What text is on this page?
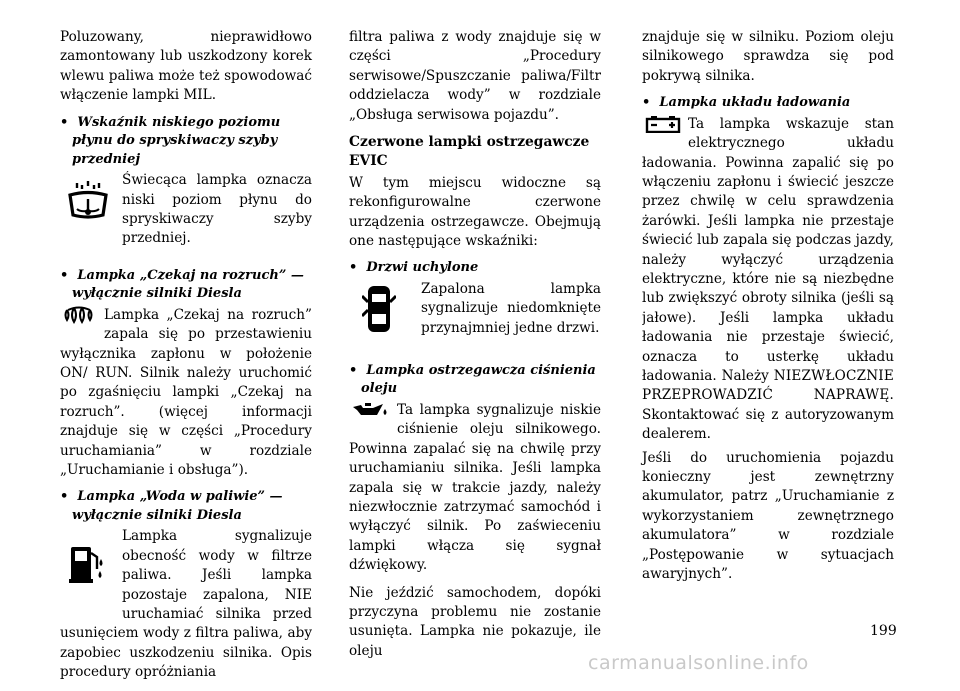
Poluzowany, nieprawidłowo zamontowany lub uszkodzony korek wlewu paliwa może też spowodować włączenie lampki MIL.

•  Wskaźnik niskiego poziomu płynu do spryskiwaczy szyby przedniej
Świecąca lampka oznacza niski poziom płynu do spryskiwaczy szyby przedniej.
•  Lampka „Czekaj na rozruch” — wyłącznie silniki Diesla
Lampka „Czekaj na rozruch” zapala się po przestawieniu wyłącznika zapłonu w położenie ON/ RUN. Silnik należy uruchomić po zgaśnięciu lampki „Czekaj na rozruch”. (więcej informacji znajduje się w części „Procedury uruchamiania” w rozdziale „Uruchamianie i obsługa”).
•  Lampka „Woda w paliwie” — wyłącznie silniki Diesla
Lampka sygnalizuje obecność wody w filtrze paliwa. Jeśli lampka pozostaje zapalona, NIE uruchamiać silnika przed usunięciem wody z filtra paliwa, aby zapobiec uszkodzeniu silnika. Opis procedury opróżniania

filtra paliwa z wody znajduje się w części „Procedury serwisowe/Spuszczanie paliwa/Filtr oddzielacza wody” w rozdziale „Obsługa serwisowa pojazdu”.

Czerwone lampki ostrzegawcze EVIC

W tym miejscu widoczne są rekonfigurowalne czerwone urządzenia ostrzegawcze. Obejmują one następujące wskaźniki:

•  Drzwi uchylone
Zapalona lampka sygnalizuje niedomknięte przynajmniej jedne drzwi.
•  Lampka ostrzegawcza ciśnienia oleju
Ta lampka sygnalizuje niskie ciśnienie oleju silnikowego. Powinna zapalać się na chwilę przy uruchamianiu silnika. Jeśli lampka zapala się w trakcie jazdy, należy niezwłocznie zatrzymać samochód i wyłączyć silnik. Po zaświeceniu lampki włącza się sygnał dźwiękowy.

Nie jeździć samochodem, dopóki przyczyna problemu nie zostanie usunięta. Lampka nie pokazuje, ile oleju

znajduje się w silniku. Poziom oleju silnikowego sprawdza się pod pokrywą silnika.

•  Lampka układu ładowania
Ta lampka wskazuje stan elektrycznego układu ładowania. Powinna zapalić się po włączeniu zapłonu i świecić jeszcze przez chwilę w celu sprawdzenia żarówki. Jeśli lampka nie przestaje świecić lub zapala się podczas jazdy, należy wyłączyć urządzenia elektryczne, które nie są niezbędne lub zwiększyć obroty silnika (jeśli są jałowe). Jeśli lampka układu ładowania nie przestaje świecić, oznacza to usterkę układu ładowania. Należy NIEZWŁOCZNIE PRZEPROWADZIĆ NAPRAWĘ. Skontaktować się z autoryzowanym dealerem.

Jeśli do uruchomienia pojazdu konieczny jest zewnętrzny akumulator, patrz „Uruchamianie z wykorzystaniem zewnętrznego akumulatora” w rozdziale „Postępowanie w sytuacjach awaryjnych”.

199
carmanualsonline.info
